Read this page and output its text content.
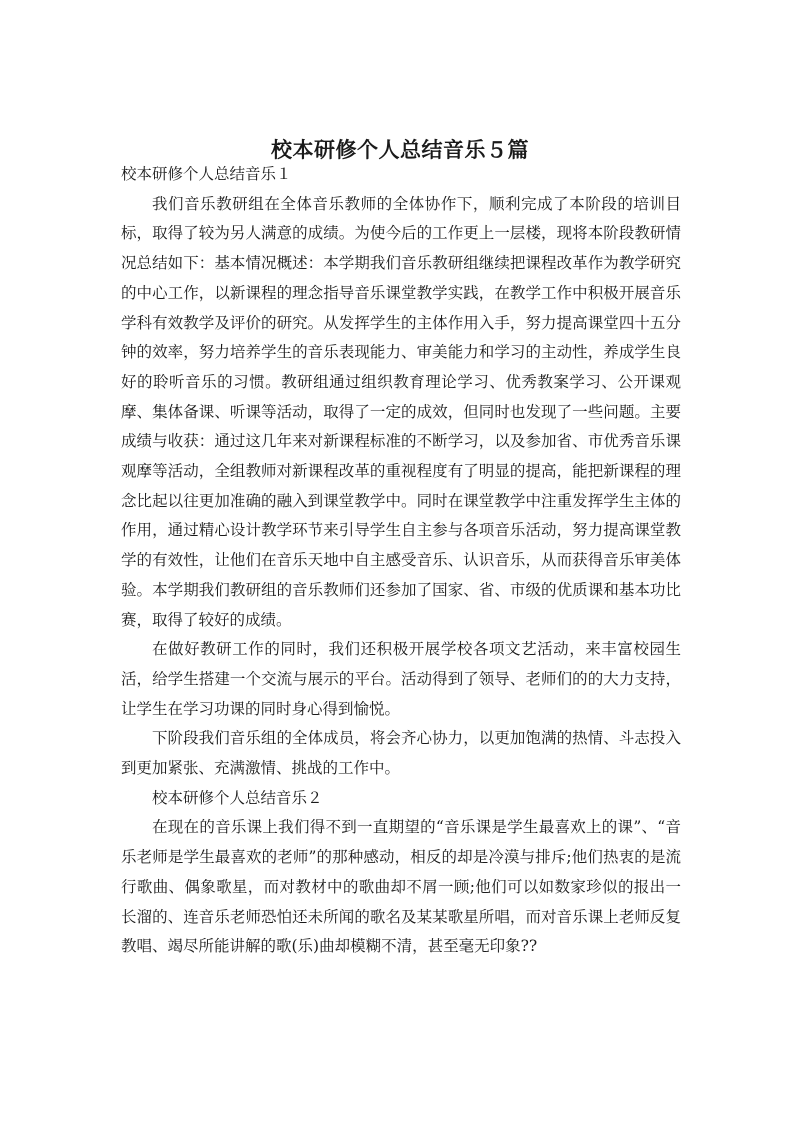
校本研修个人总结音乐５篇

校本研修个人总结音乐１

我们音乐教研组在全体音乐教师的全体协作下，顺利完成了本阶段的培训目标，取得了较为另人满意的成绩。为使今后的工作更上一层楼，现将本阶段教研情况总结如下：基本情况概述：本学期我们音乐教研组继续把课程改革作为教学研究的中心工作，以新课程的理念指导音乐课堂教学实践，在教学工作中积极开展音乐学科有效教学及评价的研究。从发挥学生的主体作用入手，努力提高课堂四十五分钟的效率，努力培养学生的音乐表现能力、审美能力和学习的主动性，养成学生良好的聆听音乐的习惯。教研组通过组织教育理论学习、优秀教案学习、公开课观摩、集体备课、听课等活动，取得了一定的成效，但同时也发现了一些问题。主要成绩与收获：通过这几年来对新课程标准的不断学习，以及参加省、市优秀音乐课观摩等活动，全组教师对新课程改革的重视程度有了明显的提高，能把新课程的理念比起以往更加准确的融入到课堂教学中。同时在课堂教学中注重发挥学生主体的作用，通过精心设计教学环节来引导学生自主参与各项音乐活动，努力提高课堂教学的有效性，让他们在音乐天地中自主感受音乐、认识音乐，从而获得音乐审美体验。本学期我们教研组的音乐教师们还参加了国家、省、市级的优质课和基本功比赛，取得了较好的成绩。

在做好教研工作的同时，我们还积极开展学校各项文艺活动，来丰富校园生活，给学生搭建一个交流与展示的平台。活动得到了领导、老师们的的大力支持，让学生在学习功课的同时身心得到愉悦。

下阶段我们音乐组的全体成员，将会齐心协力，以更加饱满的热情、斗志投入到更加紧张、充满激情、挑战的工作中。

校本研修个人总结音乐２

在现在的音乐课上我们得不到一直期望的“音乐课是学生最喜欢上的课”、“音乐老师是学生最喜欢的老师”的那种感动，相反的却是冷漠与排斥;他们热衷的是流行歌曲、偶象歌星，而对教材中的歌曲却不屑一顾;他们可以如数家珍似的报出一长溜的、连音乐老师恐怕还未所闻的歌名及某某歌星所唱，而对音乐课上老师反复教唱、竭尽所能讲解的歌(乐)曲却模糊不清，甚至毫无印象??
